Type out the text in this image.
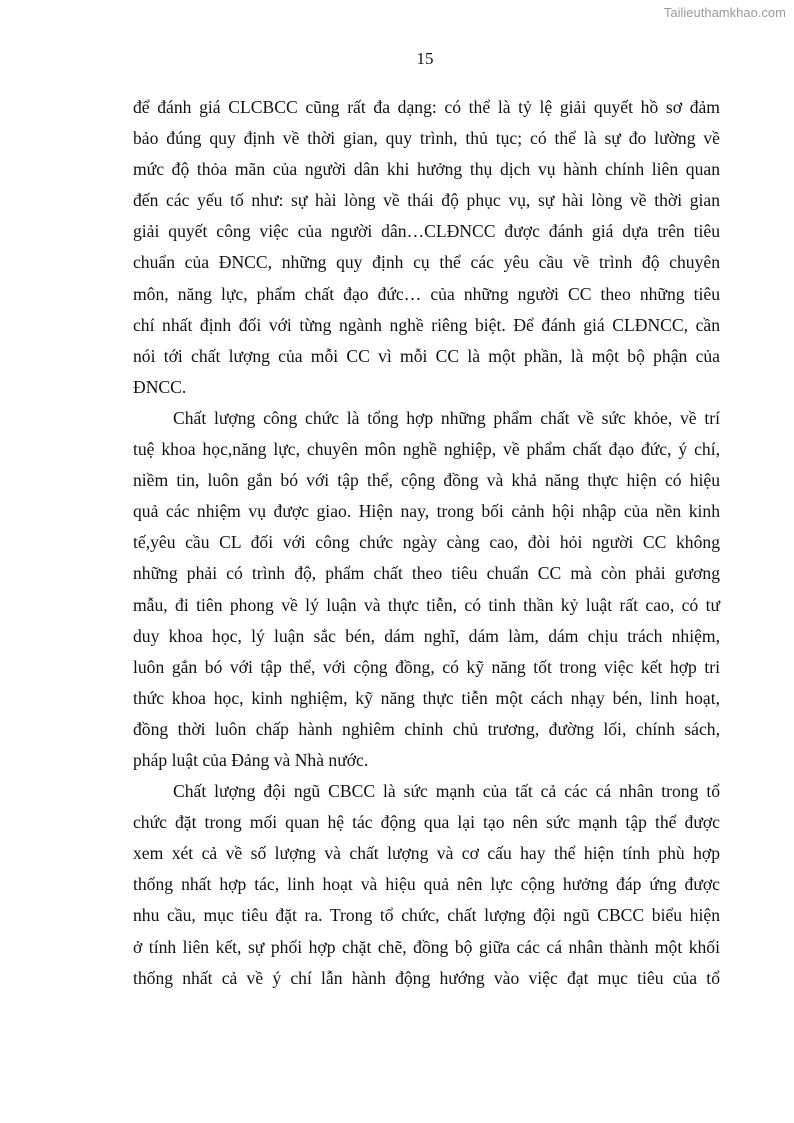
Tailieuthamkhao.com
15
để đánh giá CLCBCC cũng rất đa dạng: có thể là tỷ lệ giải quyết hồ sơ đảm
bảo đúng quy định về thời gian, quy trình, thủ tục; có thể là sự đo lường về
mức độ thỏa mãn của người dân khi hưởng thụ dịch vụ hành chính liên quan
đến các yếu tố như: sự hài lòng về thái độ phục vụ, sự hài lòng về thời gian
giải quyết công việc của người dân…CLĐNCC được đánh giá dựa trên tiêu
chuẩn của ĐNCC, những quy định cụ thể các yêu cầu về trình độ chuyên
môn, năng lực, phẩm chất đạo đức… của những người CC theo những tiêu
chí nhất định đối với từng ngành nghề riêng biệt. Để đánh giá CLĐNCC, cần
nói tới chất lượng của mỗi CC vì mỗi CC là một phần, là một bộ phận của
ĐNCC.
Chất lượng công chức là tổng hợp những phẩm chất về sức khỏe, về trí
tuệ khoa học,năng lực, chuyên môn nghề nghiệp, về phẩm chất đạo đức, ý chí,
niềm tin, luôn gắn bó với tập thể, cộng đồng và khả năng thực hiện có hiệu
quả các nhiệm vụ được giao. Hiện nay, trong bối cảnh hội nhập của nền kinh
tế,yêu cầu CL đối với công chức ngày càng cao, đòi hỏi người CC không
những phải có trình độ, phẩm chất theo tiêu chuẩn CC mà còn phải gương
mẫu, đi tiên phong về lý luận và thực tiễn, có tinh thần kỷ luật rất cao, có tư
duy khoa học, lý luận sắc bén, dám nghĩ, dám làm, dám chịu trách nhiệm,
luôn gắn bó với tập thể, với cộng đồng, có kỹ năng tốt trong việc kết hợp tri
thức khoa học, kinh nghiệm, kỹ năng thực tiễn một cách nhạy bén, linh hoạt,
đồng thời luôn chấp hành nghiêm chỉnh chủ trương, đường lối, chính sách,
pháp luật của Đảng và Nhà nước.
Chất lượng đội ngũ CBCC là sức mạnh của tất cả các cá nhân trong tổ
chức đặt trong mối quan hệ tác động qua lại tạo nên sức mạnh tập thể được
xem xét cả về số lượng và chất lượng và cơ cấu hay thể hiện tính phù hợp
thống nhất hợp tác, linh hoạt và hiệu quả nên lực cộng hưởng đáp ứng được
nhu cầu, mục tiêu đặt ra. Trong tổ chức, chất lượng đội ngũ CBCC biểu hiện
ở tính liên kết, sự phối hợp chặt chẽ, đồng bộ giữa các cá nhân thành một khối
thống nhất cả về ý chí lẫn hành động hướng vào việc đạt mục tiêu của tổ
